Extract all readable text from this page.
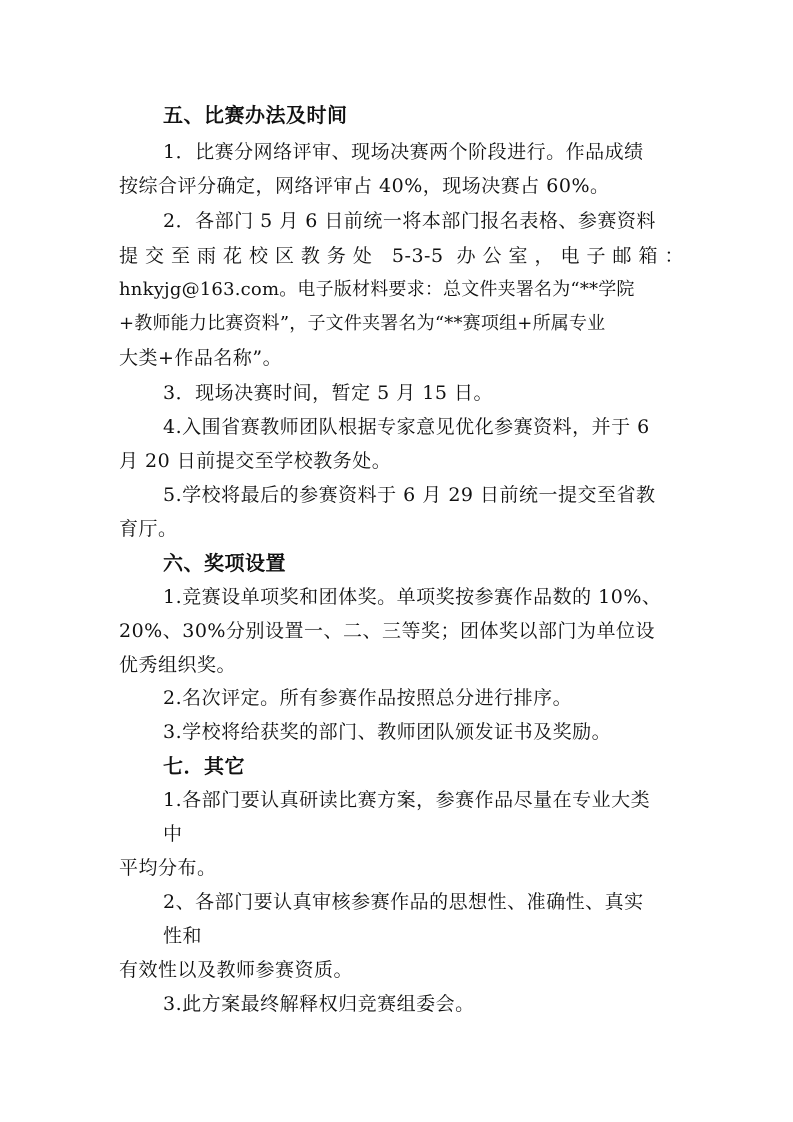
五、比赛办法及时间
1．比赛分网络评审、现场决赛两个阶段进行。作品成绩
按综合评分确定，网络评审占 40%，现场决赛占 60%。
2．各部门 5 月 6 日前统一将本部门报名表格、参赛资料
提交至雨花校区教务处 5-3-5 办公室，电子邮箱：
hnkyjg@163.com。电子版材料要求：总文件夹署名为“**学院
+教师能力比赛资料”，子文件夹署名为“**赛项组+所属专业
大类+作品名称”。
3．现场决赛时间，暂定 5 月 15 日。
4.入围省赛教师团队根据专家意见优化参赛资料，并于 6
月 20 日前提交至学校教务处。
5.学校将最后的参赛资料于 6 月 29 日前统一提交至省教
育厅。
六、奖项设置
1.竞赛设单项奖和团体奖。单项奖按参赛作品数的 10%、
20%、30%分别设置一、二、三等奖；团体奖以部门为单位设
优秀组织奖。
2.名次评定。所有参赛作品按照总分进行排序。
3.学校将给获奖的部门、教师团队颁发证书及奖励。
七．其它
1.各部门要认真研读比赛方案，参赛作品尽量在专业大类
中
平均分布。
2、各部门要认真审核参赛作品的思想性、准确性、真实
性和
有效性以及教师参赛资质。
3.此方案最终解释权归竞赛组委会。
